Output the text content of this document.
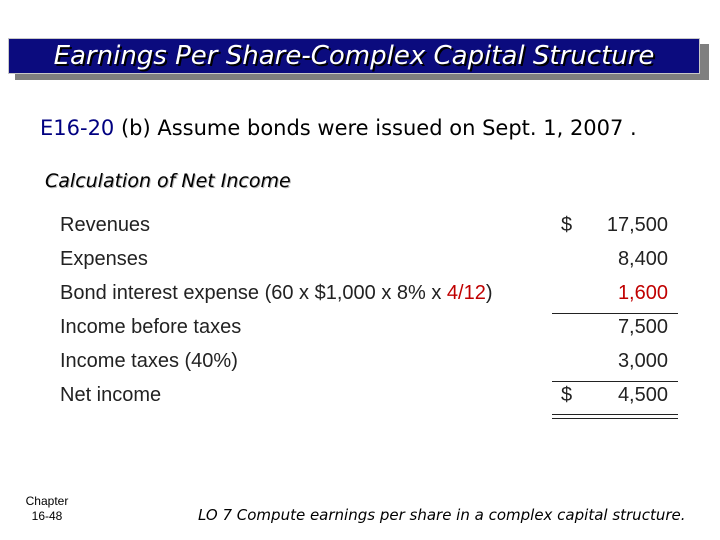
Earnings Per Share-Complex Capital Structure
E16-20 (b) Assume bonds were issued on Sept. 1, 2007 .
Calculation of Net Income
Revenues	$ 17,500
Expenses	8,400
Bond interest expense (60 x $1,000 x 8% x 4/12)	1,600
Income before taxes	7,500
Income taxes (40%)	3,000
Net income	$ 4,500
Chapter
16-48	LO 7 Compute earnings per share in a complex capital structure.
